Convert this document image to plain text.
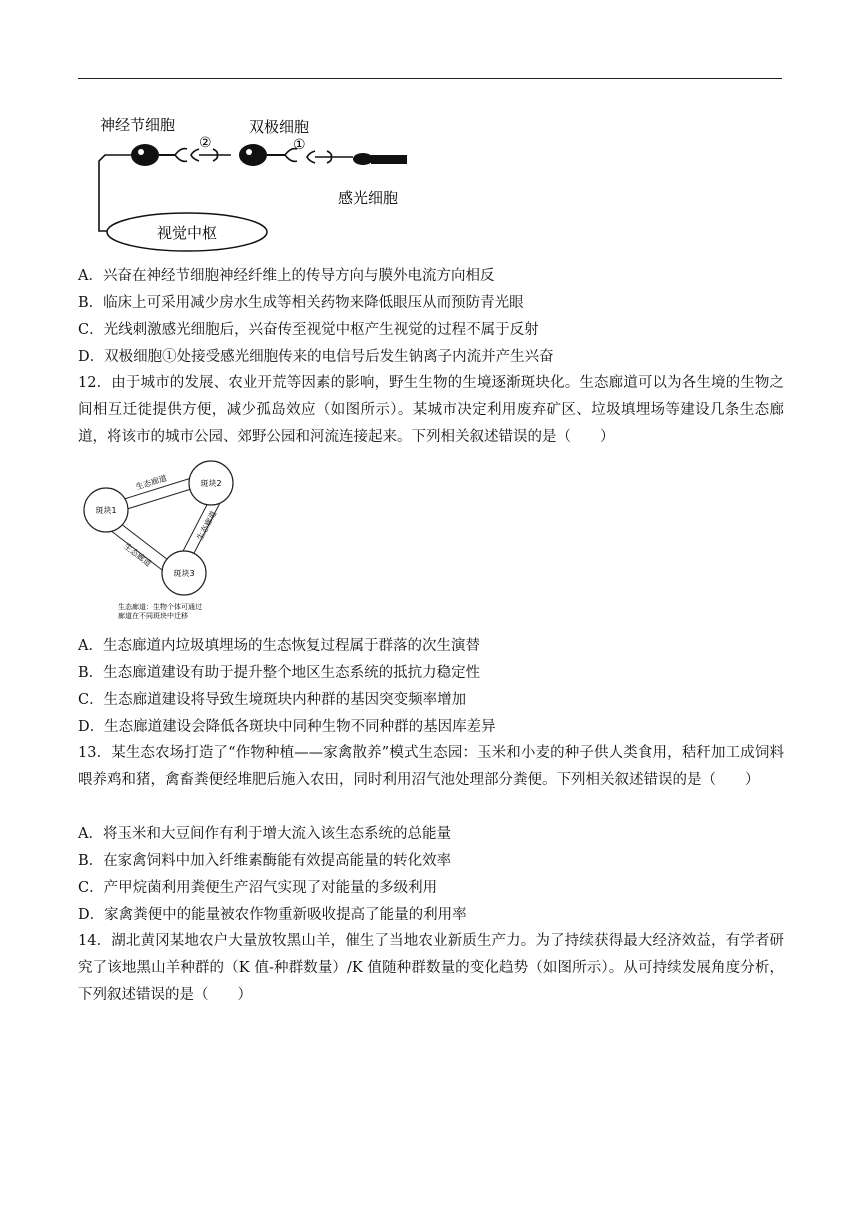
神经节细胞	双极细胞
②	①
感光细胞
视觉中枢
A．兴奋在神经节细胞神经纤维上的传导方向与膜外电流方向相反
B．临床上可采用减少房水生成等相关药物来降低眼压从而预防青光眼
C．光线刺激感光细胞后，兴奋传至视觉中枢产生视觉的过程不属于反射
D．双极细胞①处接受感光细胞传来的电信号后发生钠离子内流并产生兴奋
12．由于城市的发展、农业开荒等因素的影响，野生生物的生境逐渐斑块化。生态廊道可以为各生境的生物之间相互迁徙提供方便，减少孤岛效应（如图所示）。某城市决定利用废弃矿区、垃圾填埋场等建设几条生态廊道，将该市的城市公园、郊野公园和河流连接起来。下列相关叙述错误的是（　　）
斑块1
斑块2
斑块3
生态廊道
生态廊道
生态廊道
生态廊道：生物个体可通过
廊道在不同斑块中迁移
A．生态廊道内垃圾填埋场的生态恢复过程属于群落的次生演替
B．生态廊道建设有助于提升整个地区生态系统的抵抗力稳定性
C．生态廊道建设将导致生境斑块内种群的基因突变频率增加
D．生态廊道建设会降低各斑块中同种生物不同种群的基因库差异
13．某生态农场打造了“作物种植——家禽散养”模式生态园：玉米和小麦的种子供人类食用，秸秆加工成饲料喂养鸡和猪，禽畜粪便经堆肥后施入农田，同时利用沼气池处理部分粪便。下列相关叙述错误的是（　　）
A．将玉米和大豆间作有利于增大流入该生态系统的总能量
B．在家禽饲料中加入纤维素酶能有效提高能量的转化效率
C．产甲烷菌利用粪便生产沼气实现了对能量的多级利用
D．家禽粪便中的能量被农作物重新吸收提高了能量的利用率
14．湖北黄冈某地农户大量放牧黑山羊，催生了当地农业新质生产力。为了持续获得最大经济效益，有学者研究了该地黑山羊种群的（K 值-种群数量）/K 值随种群数量的变化趋势（如图所示）。从可持续发展角度分析，下列叙述错误的是（　　）
